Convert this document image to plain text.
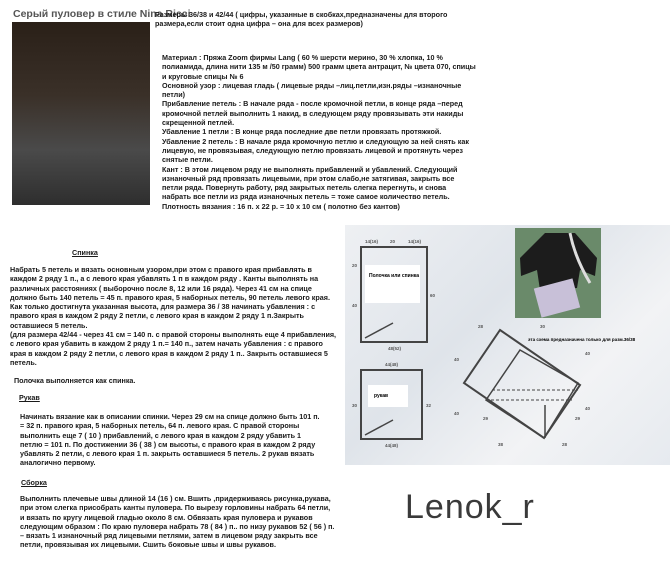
Серый пуловер в стиле Nina Ricci
Размеры 36/38 и 42/44 ( цифры, указанные в скобках,предназначены для второго размера,если стоит одна цифра – она для всех размеров)
Материал : Пряжа Zoom фирмы Lang ( 60 % шерсти мерино, 30 % хлопка, 10 % полиамида, длина нити 135 м /50 грамм) 500 грамм цвета антрацит, № цвета 070, спицы и круговые спицы № 6
Основной узор : лицевая гладь ( лицевые ряды –лиц.петли,изн.ряды –изнаночные петли)
Прибавление петель : В начале ряда - после кромочной петли, в конце ряда –перед кромочной петлей выполнить 1 накид, в следующем ряду провязывать эти накиды скрещенной петлей.
Убавление 1 петли : В конце ряда последние две петли провязать протяжкой.
Убавление 2 петель : В начале ряда кромочную петлю и следующую за ней снять как лицевую, не провязывая, следующую петлю провязать лицевой и протянуть через снятые петли.
Кант : В этом лицевом ряду не выполнять прибавлений и убавлений. Следующий изнаночный ряд провязать лицевыми, при этом слабо,не затягивая, закрыть все петли ряда. Повернуть работу, ряд закрытых петель слегка перегнуть, и снова набрать все петли из ряда изнаночных петель = тоже самое количество петель.
Плотность вязания : 16 п. х 22 р. = 10 х 10 см ( полотно без кантов)
Спинка
Набрать 5 петель и вязать основным узором,при этом с правого края прибавлять в каждом 2 ряду 1 п., а с левого края убавлять 1 п в каждом ряду . Канты выполнять на различных расстояниях ( выборочно после 8, 12 или 16 ряда). Через 41 см на спице должно быть 140 петель = 45 п. правого края, 5 наборных петель, 90 петель левого края. Как только достигнута указанная высота, для размера 36 / 38 начинать убавления : с правого края в каждом 2 ряду 2 петли, с левого края в каждом 2 ряду 1 п.Закрыть оставшиеся 5 петель.
(для размера 42/44 - через 41 см = 140 п. с правой стороны выполнять еще 4 прибавления, с левого края убавить в каждом 2 ряду 1 п.= 140 п., затем начать убавления : с правого края в каждом 2 ряду 2 петли, с левого края в каждом 2 ряду 1 п.. Закрыть оставшиеся 5 петель.
Полочка выполняется как спинка.
Рукав
Начинать вязание как в описании спинки. Через 29 см на спице должно быть 101 п. = 32 п. правого края, 5 наборных петель, 64 п. левого края. С правой стороны выполнить еще 7 ( 10 ) прибавлений, с левого края в каждом 2 ряду убавить 1 петлю = 101 п. По достижении 36 ( 38 ) см высоты, с правого края в каждом 2 ряду убавлять 2 петли, с левого края 1 п. закрыть оставшиеся 5 петель. 2 рукав вязать аналогично первому.
Сборка
Выполнить плечевые швы длиной 14 (16 ) см. Вшить ,придерживаясь рисунка,рукава, при этом слегка присобрать канты пуловера. По вырезу горловины набрать 64 петли, и вязать по кругу лицевой гладью около 8 см. Обвязать края пуловера и рукавов следующим образом : По краю пуловера набрать 78 ( 84 ) п.. по низу рукавов 52 ( 56 ) п. – вязать 1 изнаночный ряд лицевыми петлями, затем в лицевом ряду закрыть все петли, провязывая их лицевыми. Сшить боковые швы и швы рукавов.
Полочка или спинка
рукав
эта схема предназначена только для разм.36/38
14(16)	20	14(16)
20
40
60
48(52)
44(48)
30	32
44(48)
28	30
40
40
40
40
29	29
38	28
Lenok_r
